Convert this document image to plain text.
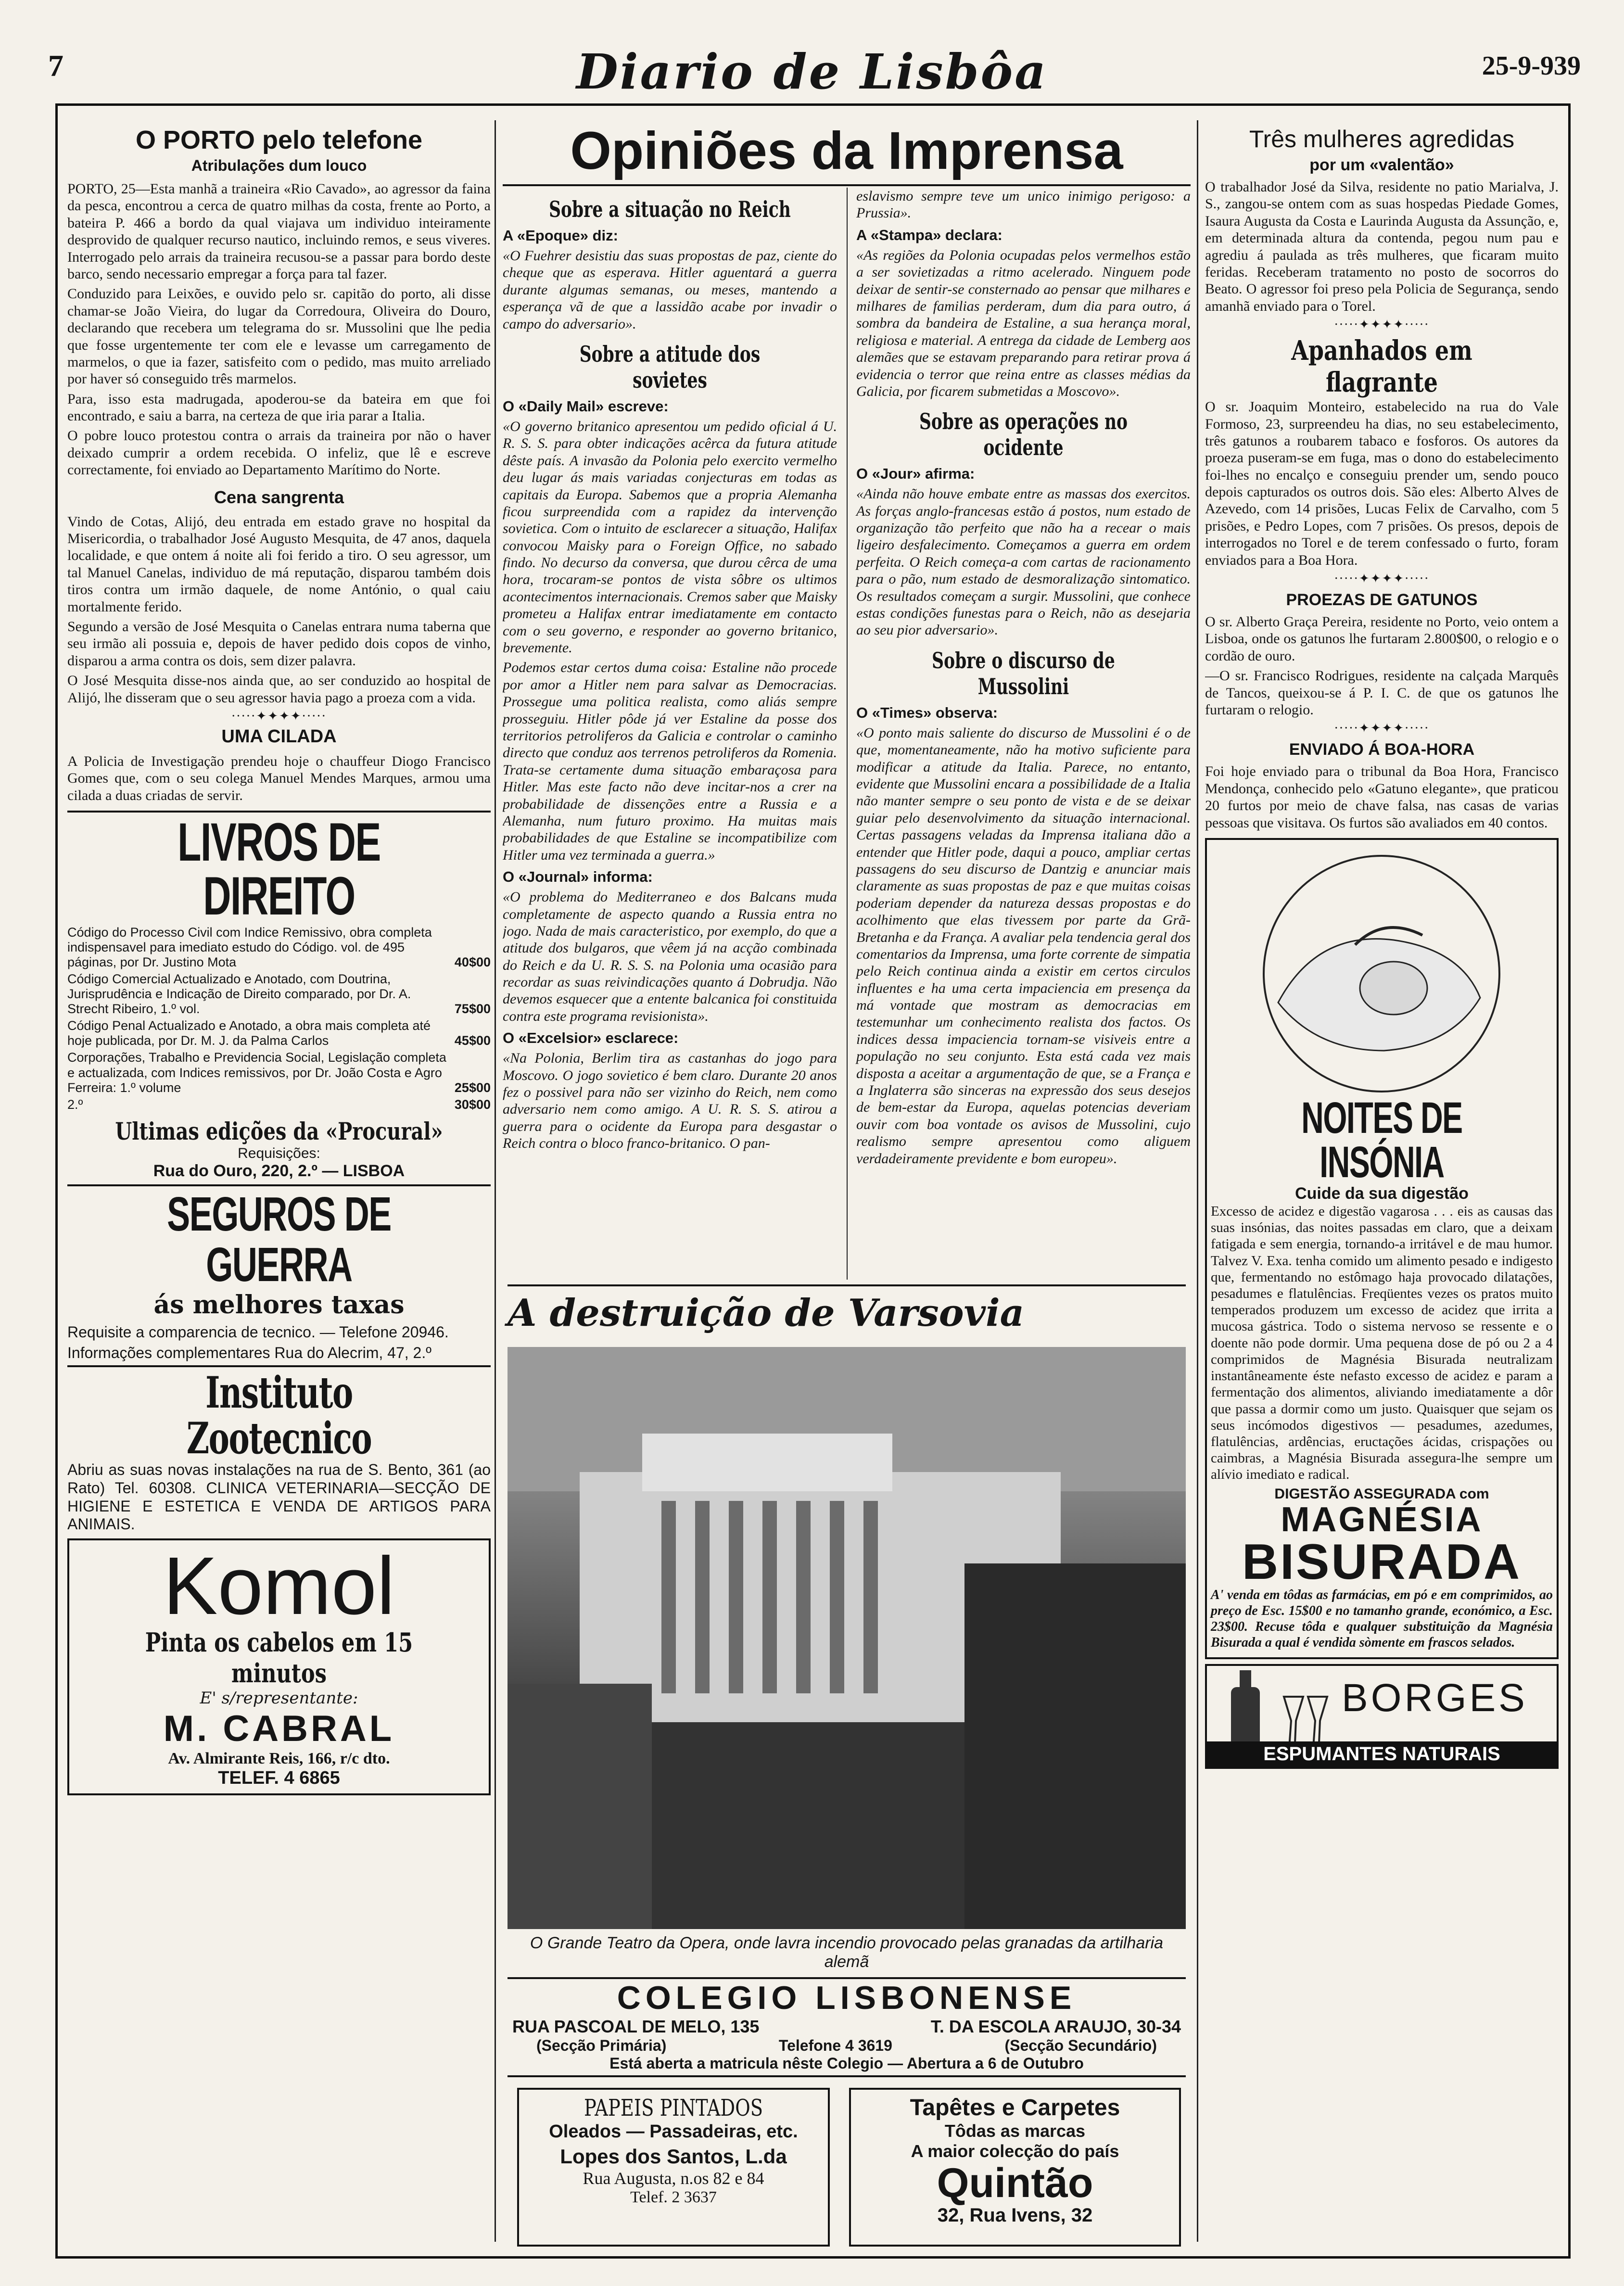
7	Diario de Lisbôa	25-9-939
O PORTO pelo telefone
Atribulações dum louco

PORTO, 25—Esta manhã a traineira «Rio Cavado», ao agressor da faina da pesca, encontrou a cerca de quatro milhas da costa, frente ao Porto, a bateira P. 466 a bordo da qual viajava um individuo inteiramente desprovido de qualquer recurso nautico, incluindo remos, e seus viveres. Interrogado pelo arrais da traineira recusou-se a passar para bordo deste barco, sendo necessario empregar a força para tal fazer.

Conduzido para Leixões, e ouvido pelo sr. capitão do porto, ali disse chamar-se João Vieira, do lugar da Corredoura, Oliveira do Douro, declarando que recebera um telegrama do sr. Mussolini que lhe pedia que fosse urgentemente ter com ele e levasse um carregamento de marmelos, o que ia fazer, satisfeito com o pedido, mas muito arreliado por haver só conseguido três marmelos.

Para, isso esta madrugada, apoderou-se da bateira em que foi encontrado, e saiu a barra, na certeza de que iria parar a Italia.

O pobre louco protestou contra o arrais da traineira por não o haver deixado cumprir a ordem recebida. O infeliz, que lê e escreve correctamente, foi enviado ao Departamento Marítimo do Norte.

Cena sangrenta

Vindo de Cotas, Alijó, deu entrada em estado grave no hospital da Misericordia, o trabalhador José Augusto Mesquita, de 47 anos, daquela localidade, e que ontem á noite ali foi ferido a tiro. O seu agressor, um tal Manuel Canelas, individuo de má reputação, disparou também dois tiros contra um irmão daquele, de nome António, o qual caiu mortalmente ferido.

Segundo a versão de José Mesquita o Canelas entrara numa taberna que seu irmão ali possuia e, depois de haver pedido dois copos de vinho, disparou a arma contra os dois, sem dizer palavra.

O José Mesquita disse-nos ainda que, ao ser conduzido ao hospital de Alijó, lhe disseram que o seu agressor havia pago a proeza com a vida.

·····✦✦✦✦·····
UMA CILADA

A Policia de Investigação prendeu hoje o chauffeur Diogo Francisco Gomes que, com o seu colega Manuel Mendes Marques, armou uma cilada a duas criadas de servir.

LIVROS DE DIREITO
Código do Processo Civil com Indice Remissivo, obra completa indispensavel para imediato estudo do Código. vol. de 495 páginas, por Dr. Justino Mota	40$00
Código Comercial Actualizado e Anotado, com Doutrina, Jurisprudência e Indicação de Direito comparado, por Dr. A. Strecht Ribeiro, 1.º vol.	75$00
Código Penal Actualizado e Anotado, a obra mais completa até hoje publicada, por Dr. M. J. da Palma Carlos	45$00
Corporações, Trabalho e Previdencia Social, Legislação completa e actualizada, com Indices remissivos, por Dr. João Costa e Agro Ferreira: 1.º volume	25$00
2.º	30$00
Ultimas edições da «Procural»
Requisições:
Rua do Ouro, 220, 2.º — LISBOA
SEGUROS DE GUERRA
ás melhores taxas

Requisite a comparencia de tecnico. — Telefone 20946.

Informações complementares Rua do Alecrim, 47, 2.º

Instituto Zootecnico

Abriu as suas novas instalações na rua de S. Bento, 361 (ao Rato) Tel. 60308. CLINICA VETERINARIA—SECÇÃO DE HIGIENE E ESTETICA E VENDA DE ARTIGOS PARA ANIMAIS.

Komol
Pinta os cabelos em 15 minutos
E' s/representante:
M. CABRAL
Av. Almirante Reis, 166, r/c dto.
TELEF. 4 6865
Opiniões da Imprensa
Sobre a situação no Reich
A «Epoque» diz:

«O Fuehrer desistiu das suas propostas de paz, ciente do cheque que as esperava. Hitler aguentará a guerra durante algumas semanas, ou meses, mantendo a esperança vã de que a lassidão acabe por invadir o campo do adversario».

Sobre a atitude dos sovietes
O «Daily Mail» escreve:

«O governo britanico apresentou um pedido oficial á U. R. S. S. para obter indicações acêrca da futura atitude dêste país. A invasão da Polonia pelo exercito vermelho deu lugar ás mais variadas conjecturas em todas as capitais da Europa. Sabemos que a propria Alemanha ficou surpreendida com a rapidez da intervenção sovietica. Com o intuito de esclarecer a situação, Halifax convocou Maisky para o Foreign Office, no sabado findo. No decurso da conversa, que durou cêrca de uma hora, trocaram-se pontos de vista sôbre os ultimos acontecimentos internacionais. Cremos saber que Maisky prometeu a Halifax entrar imediatamente em contacto com o seu governo, e responder ao governo britanico, brevemente.

Podemos estar certos duma coisa: Estaline não procede por amor a Hitler nem para salvar as Democracias. Prossegue uma politica realista, como aliás sempre prosseguiu. Hitler pôde já ver Estaline da posse dos territorios petroliferos da Galicia e controlar o caminho directo que conduz aos terrenos petroliferos da Romenia. Trata-se certamente duma situação embaraçosa para Hitler. Mas este facto não deve incitar-nos a crer na probabilidade de dissenções entre a Russia e a Alemanha, num futuro proximo. Ha muitas mais probabilidades de que Estaline se incompatibilize com Hitler uma vez terminada a guerra.»

O «Journal» informa:

«O problema do Mediterraneo e dos Balcans muda completamente de aspecto quando a Russia entra no jogo. Nada de mais caracteristico, por exemplo, do que a atitude dos bulgaros, que vêem já na acção combinada do Reich e da U. R. S. S. na Polonia uma ocasião para recordar as suas reivindicações quanto á Dobrudja. Não devemos esquecer que a entente balcanica foi constituida contra este programa revisionista».

O «Excelsior» esclarece:

«Na Polonia, Berlim tira as castanhas do jogo para Moscovo. O jogo sovietico é bem claro. Durante 20 anos fez o possivel para não ser vizinho do Reich, nem como adversario nem como amigo. A U. R. S. S. atirou a guerra para o ocidente da Europa para desgastar o Reich contra o bloco franco-britanico. O pan-

eslavismo sempre teve um unico inimigo perigoso: a Prussia».

A «Stampa» declara:

«As regiões da Polonia ocupadas pelos vermelhos estão a ser sovietizadas a ritmo acelerado. Ninguem pode deixar de sentir-se consternado ao pensar que milhares e milhares de familias perderam, dum dia para outro, á sombra da bandeira de Estaline, a sua herança moral, religiosa e material. A entrega da cidade de Lemberg aos alemães que se estavam preparando para retirar prova á evidencia o terror que reina entre as classes médias da Galicia, por ficarem submetidas a Moscovo».

Sobre as operações no ocidente
O «Jour» afirma:

«Ainda não houve embate entre as massas dos exercitos. As forças anglo-francesas estão á postos, num estado de organização tão perfeito que não ha a recear o mais ligeiro desfalecimento. Começamos a guerra em ordem perfeita. O Reich começa-a com cartas de racionamento para o pão, num estado de desmoralização sintomatico. Os resultados começam a surgir. Mussolini, que conhece estas condições funestas para o Reich, não as desejaria ao seu pior adversario».

Sobre o discurso de Mussolini
O «Times» observa:

«O ponto mais saliente do discurso de Mussolini é o de que, momentaneamente, não ha motivo suficiente para modificar a atitude da Italia. Parece, no entanto, evidente que Mussolini encara a possibilidade de a Italia não manter sempre o seu ponto de vista e de se deixar guiar pelo desenvolvimento da situação internacional. Certas passagens veladas da Imprensa italiana dão a entender que Hitler pode, daqui a pouco, ampliar certas passagens do seu discurso de Dantzig e anunciar mais claramente as suas propostas de paz e que muitas coisas poderiam depender da natureza dessas propostas e do acolhimento que elas tivessem por parte da Grã-Bretanha e da França. A avaliar pela tendencia geral dos comentarios da Imprensa, uma forte corrente de simpatia pelo Reich continua ainda a existir em certos circulos influentes e ha uma certa impaciencia em presença da má vontade que mostram as democracias em testemunhar um conhecimento realista dos factos. Os indices dessa impaciencia tornam-se visiveis entre a população no seu conjunto. Esta está cada vez mais disposta a aceitar a argumentação de que, se a França e a Inglaterra são sinceras na expressão dos seus desejos de bem-estar da Europa, aquelas potencias deveriam ouvir com boa vontade os avisos de Mussolini, cujo realismo sempre apresentou como aliguem verdadeiramente previdente e bom europeu».

A destruição de Varsovia
O Grande Teatro da Opera, onde lavra incendio provocado pelas granadas da artilharia alemã
COLEGIO LISBONENSE
RUA PASCOAL DE MELO, 135	T. DA ESCOLA ARAUJO, 30-34
(Secção Primária)	Telefone 4 3619	(Secção Secundário)
Está aberta a matricula nêste Colegio — Abertura a 6 de Outubro
PAPEIS PINTADOS
Oleados — Passadeiras, etc.
Lopes dos Santos, L.da
Rua Augusta, n.os 82 e 84
Telef. 2 3637
Tapêtes e Carpetes
Tôdas as marcas
A maior colecção do país
Quintão
32, Rua Ivens, 32
Três mulheres agredidas
por um «valentão»

O trabalhador José da Silva, residente no patio Marialva, J. S., zangou-se ontem com as suas hospedas Piedade Gomes, Isaura Augusta da Costa e Laurinda Augusta da Assunção, e, em determinada altura da contenda, pegou num pau e agrediu á paulada as três mulheres, que ficaram muito feridas. Receberam tratamento no posto de socorros do Beato. O agressor foi preso pela Policia de Segurança, sendo amanhã enviado para o Torel.

·····✦✦✦✦·····
Apanhados em flagrante

O sr. Joaquim Monteiro, estabelecido na rua do Vale Formoso, 23, surpreendeu ha dias, no seu estabelecimento, três gatunos a roubarem tabaco e fosforos. Os autores da proeza puseram-se em fuga, mas o dono do estabelecimento foi-lhes no encalço e conseguiu prender um, sendo pouco depois capturados os outros dois. São eles: Alberto Alves de Azevedo, com 14 prisões, Lucas Felix de Carvalho, com 5 prisões, e Pedro Lopes, com 7 prisões. Os presos, depois de interrogados no Torel e de terem confessado o furto, foram enviados para a Boa Hora.

·····✦✦✦✦·····
PROEZAS DE GATUNOS

O sr. Alberto Graça Pereira, residente no Porto, veio ontem a Lisboa, onde os gatunos lhe furtaram 2.800$00, o relogio e o cordão de ouro.

—O sr. Francisco Rodrigues, residente na calçada Marquês de Tancos, queixou-se á P. I. C. de que os gatunos lhe furtaram o relogio.

·····✦✦✦✦·····
ENVIADO Á BOA-HORA

Foi hoje enviado para o tribunal da Boa Hora, Francisco Mendonça, conhecido pelo «Gatuno elegante», que praticou 20 furtos por meio de chave falsa, nas casas de varias pessoas que visitava. Os furtos são avaliados em 40 contos.

NOITES DE INSÓNIA
Cuide da sua digestão

Excesso de acidez e digestão vagarosa . . . eis as causas das suas insónias, das noites passadas em claro, que a deixam fatigada e sem energia, tornando-a irritável e de mau humor. Talvez V. Exa. tenha comido um alimento pesado e indigesto que, fermentando no estômago haja provocado dilatações, pesadumes e flatulências. Freqüentes vezes os pratos muito temperados produzem um excesso de acidez que irrita a mucosa gástrica. Todo o sistema nervoso se ressente e o doente não pode dormir. Uma pequena dose de pó ou 2 a 4 comprimidos de Magnésia Bisurada neutralizam instantâneamente éste nefasto excesso de acidez e param a fermentação dos alimentos, aliviando imediatamente a dôr que passa a dormir como um justo. Quaisquer que sejam os seus incómodos digestivos — pesadumes, azedumes, flatulências, ardências, eructações ácidas, crispações ou caimbras, a Magnésia Bisurada assegura-lhe sempre um alívio imediato e radical.

DIGESTÃO ASSEGURADA com
MAGNÉSIA
BISURADA

A' venda em tôdas as farmácias, em pó e em comprimidos, ao preço de Esc. 15$00 e no tamanho grande, económico, a Esc. 23$00. Recuse tôda e qualquer substituição da Magnésia Bisurada a qual é vendida sòmente em frascos selados.

BORGES
ESPUMANTES NATURAIS
